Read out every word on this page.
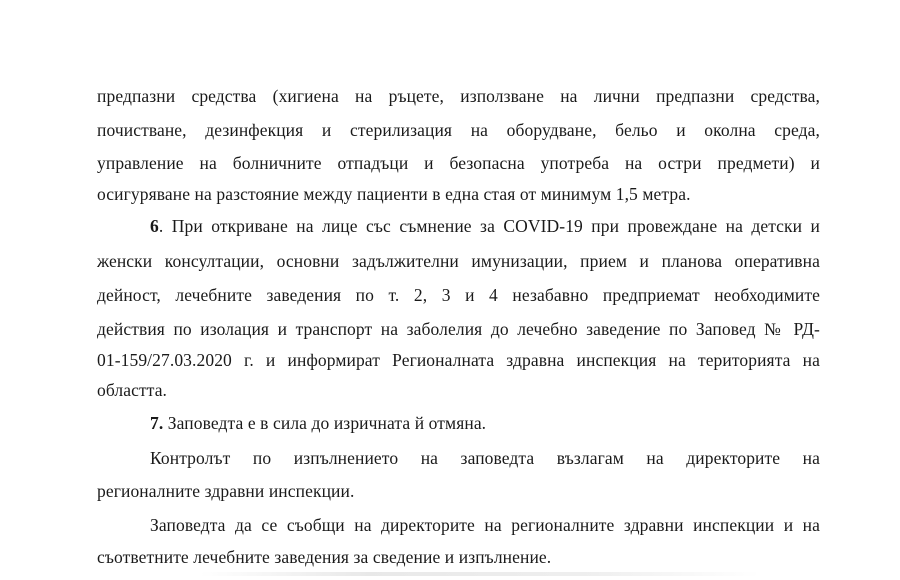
предпазни средства (хигиена на ръцете, използване на лични предпазни средства,
почистване, дезинфекция и стерилизация на оборудване, бельо и околна среда,
управление на болничните отпадъци и безопасна употреба на остри предмети) и
осигуряване на разстояние между пациенти в една стая от минимум 1,5 метра.
6. При откриване на лице със съмнение за COVID-19 при провеждане на детски и
женски консултации, основни задължителни имунизации, прием и планова оперативна
дейност, лечебните заведения по т. 2, 3 и 4 незабавно предприемат необходимите
действия по изолация и транспорт на заболелия до лечебно заведение по Заповед № РД-
01-159/27.03.2020 г. и информират Регионалната здравна инспекция на територията на
областта.
7. Заповедта е в сила до изричната й отмяна.
Контролът по изпълнението на заповедта възлагам на директорите на
регионалните здравни инспекции.
Заповедта да се съобщи на директорите на регионалните здравни инспекции и на
съответните лечебните заведения за сведение и изпълнение.
